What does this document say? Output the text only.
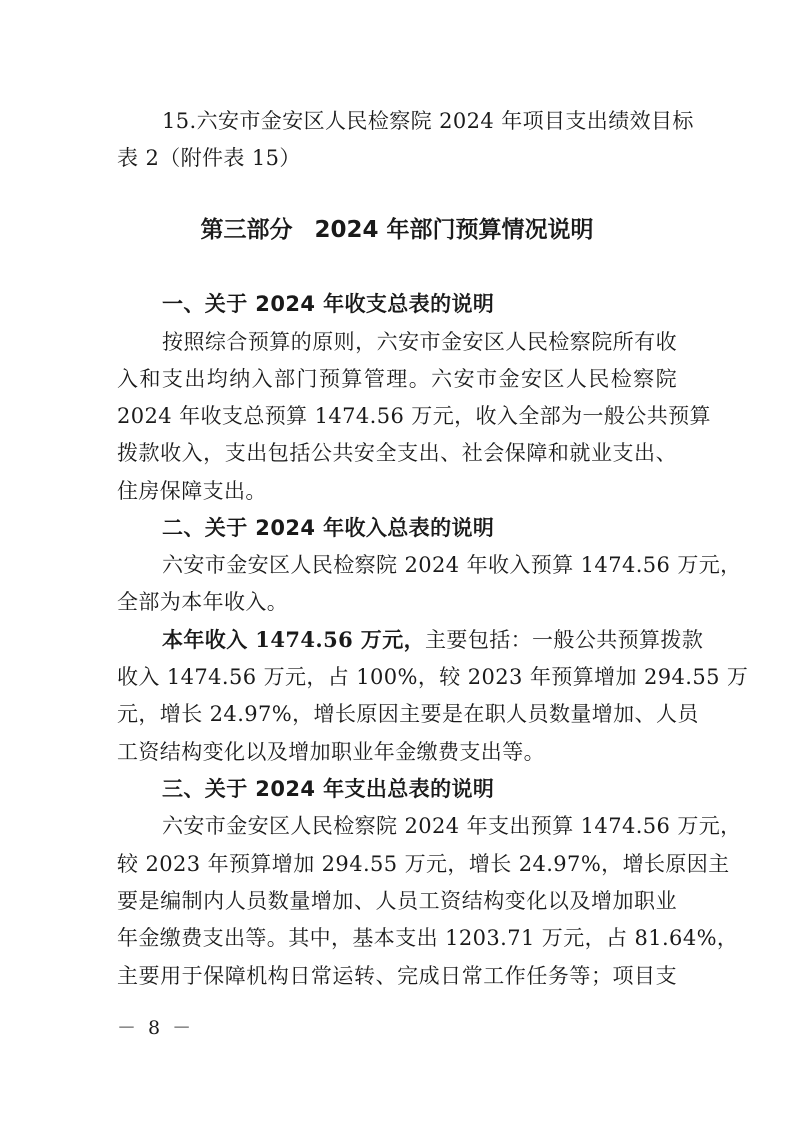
15.六安市金安区人民检察院 2024 年项目支出绩效目标
表 2（附件表 15）
第三部分 2024 年部门预算情况说明
一、关于 2024 年收支总表的说明
按照综合预算的原则，六安市金安区人民检察院所有收
入和支出均纳入部门预算管理。六安市金安区人民检察院
2024 年收支总预算 1474.56 万元，收入全部为一般公共预算
拨款收入，支出包括公共安全支出、社会保障和就业支出、
住房保障支出。
二、关于 2024 年收入总表的说明
六安市金安区人民检察院 2024 年收入预算 1474.56 万元，
全部为本年收入。
本年收入 1474.56 万元，主要包括：一般公共预算拨款
收入 1474.56 万元，占 100%，较 2023 年预算增加 294.55 万
元，增长 24.97%，增长原因主要是在职人员数量增加、人员
工资结构变化以及增加职业年金缴费支出等。
三、关于 2024 年支出总表的说明
六安市金安区人民检察院 2024 年支出预算 1474.56 万元，
较 2023 年预算增加 294.55 万元，增长 24.97%，增长原因主
要是编制内人员数量增加、人员工资结构变化以及增加职业
年金缴费支出等。其中，基本支出 1203.71 万元，占 81.64%，
主要用于保障机构日常运转、完成日常工作任务等；项目支
－ 8 －
